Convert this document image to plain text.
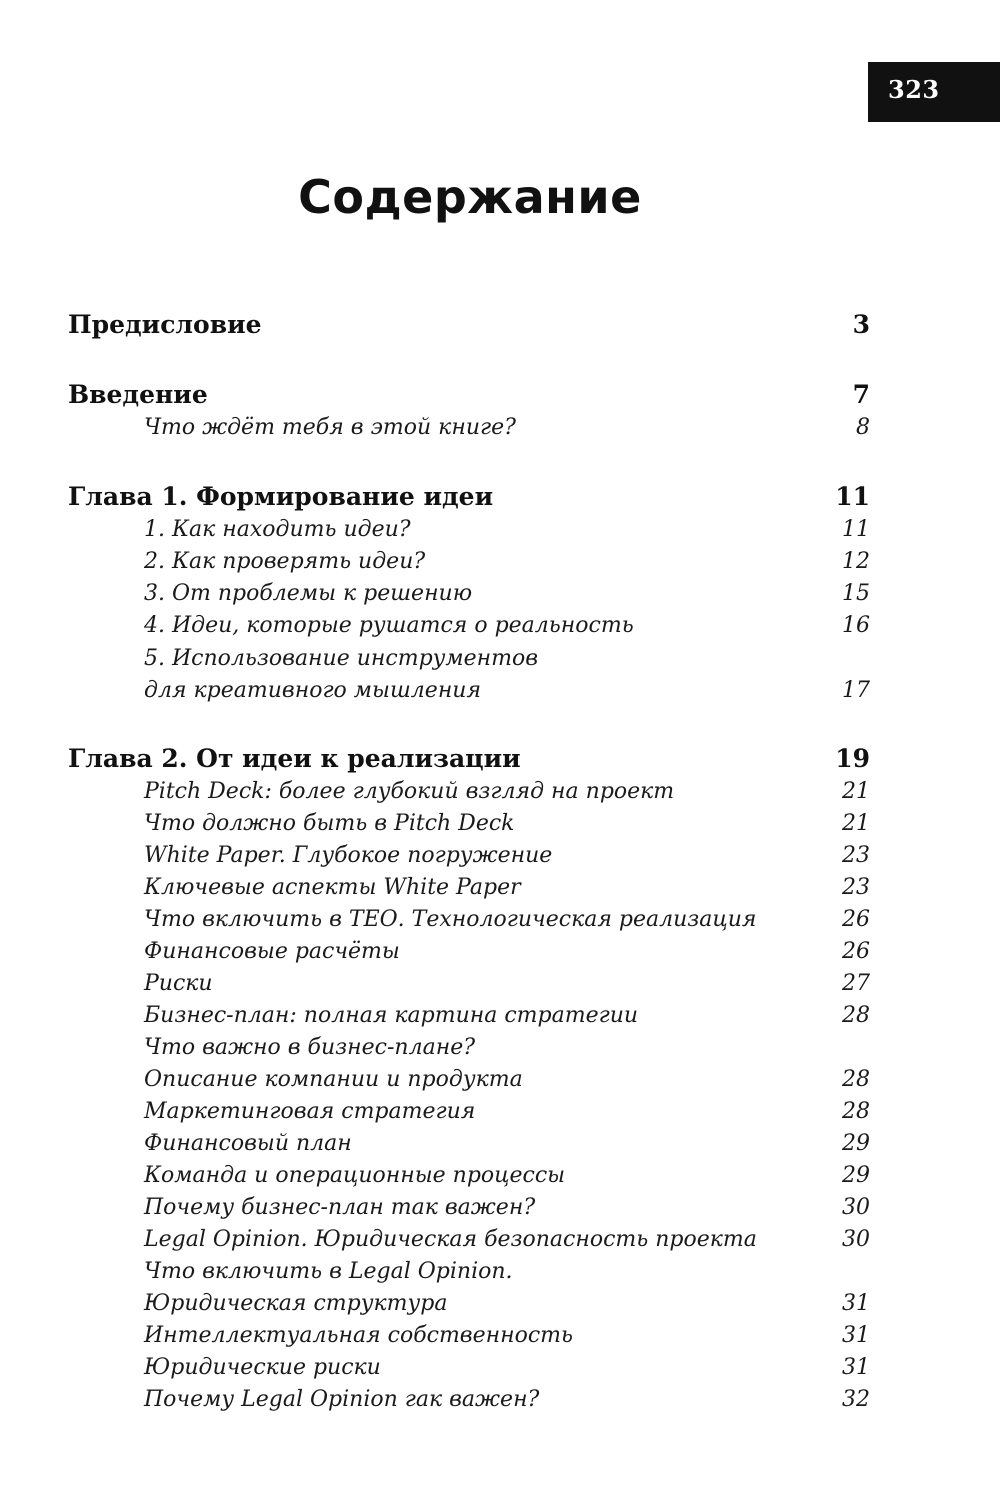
323
Содержание
Предисловие	3
Введение	7
Что ждёт тебя в этой книге?	8
Глава 1. Формирование идеи	11
1. Как находить идеи?	11
2. Как проверять идеи?	12
3. От проблемы к решению	15
4. Идеи, которые рушатся о реальность	16
5. Использование инструментов
для креативного мышления	17
Глава 2. От идеи к реализации	19
Pitch Deck: более глубокий взгляд на проект	21
Что должно быть в Pitch Deck	21
White Paper. Глубокое погружение	23
Ключевые аспекты White Paper	23
Что включить в ТЕО. Технологическая реализация	26
Финансовые расчёты	26
Риски	27
Бизнес-план: полная картина стратегии	28
Что важно в бизнес-плане?
Описание компании и продукта	28
Маркетинговая стратегия	28
Финансовый план	29
Команда и операционные процессы	29
Почему бизнес-план так важен?	30
Legal Opinion. Юридическая безопасность проекта	30
Что включить в Legal Opinion.
Юридическая структура	31
Интеллектуальная собственность	31
Юридические риски	31
Почему Legal Opinion гак важен?	32
